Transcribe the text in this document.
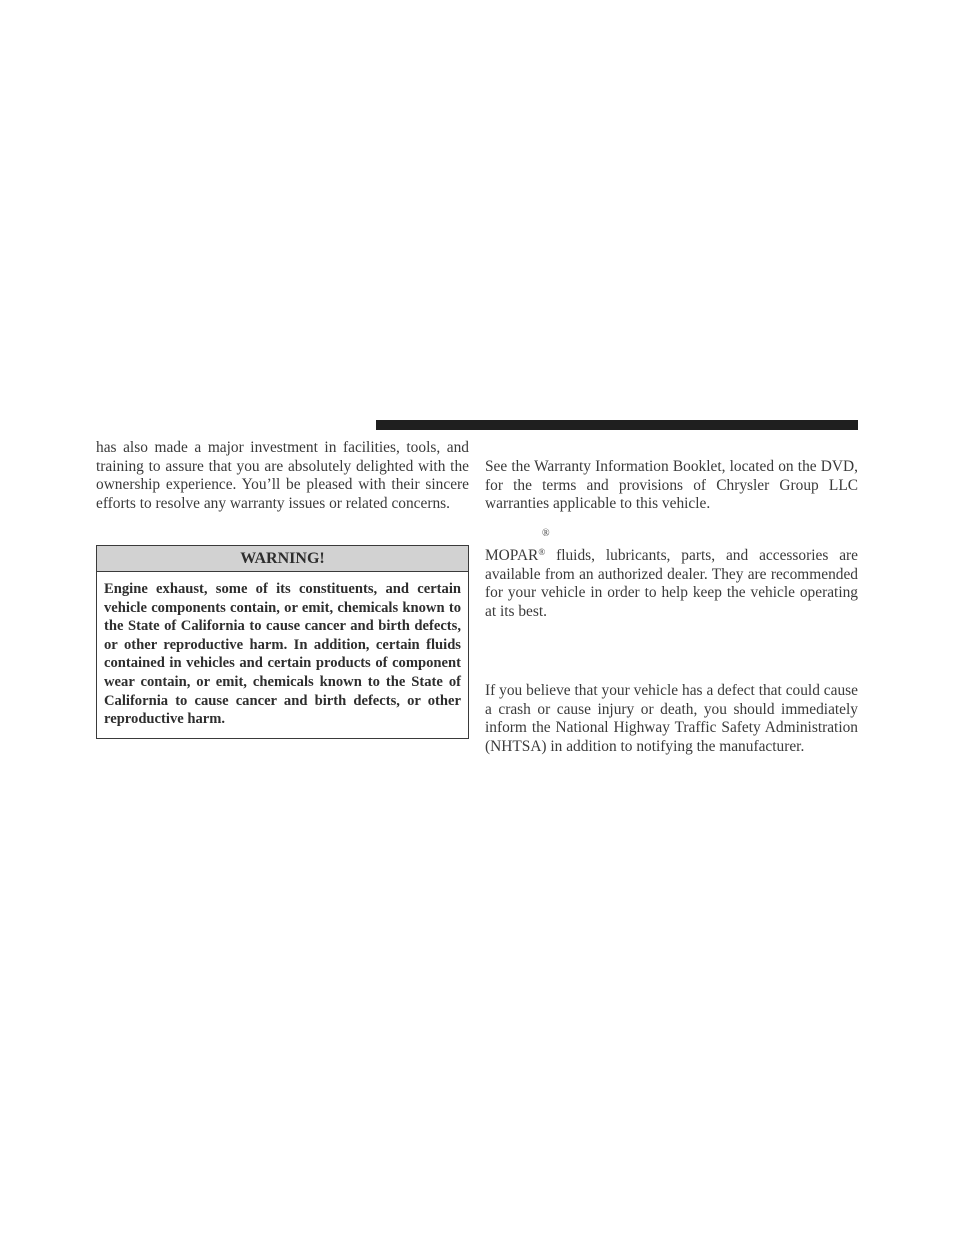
has also made a major investment in facilities, tools, and training to assure that you are absolutely delighted with the ownership experience. You’ll be pleased with their sincere efforts to resolve any warranty issues or related concerns.
WARNING!
Engine exhaust, some of its constituents, and certain vehicle components contain, or emit, chemicals known to the State of California to cause cancer and birth defects, or other reproductive harm. In addition, certain fluids contained in vehicles and certain products of component wear contain, or emit, chemicals known to the State of California to cause cancer and birth defects, or other reproductive harm.
See the Warranty Information Booklet, located on the DVD, for the terms and provisions of Chrysler Group LLC warranties applicable to this vehicle.
®
MOPAR® fluids, lubricants, parts, and accessories are available from an authorized dealer. They are recommended for your vehicle in order to help keep the vehicle operating at its best.
If you believe that your vehicle has a defect that could cause a crash or cause injury or death, you should immediately inform the National Highway Traffic Safety Administration (NHTSA) in addition to notifying the manufacturer.
